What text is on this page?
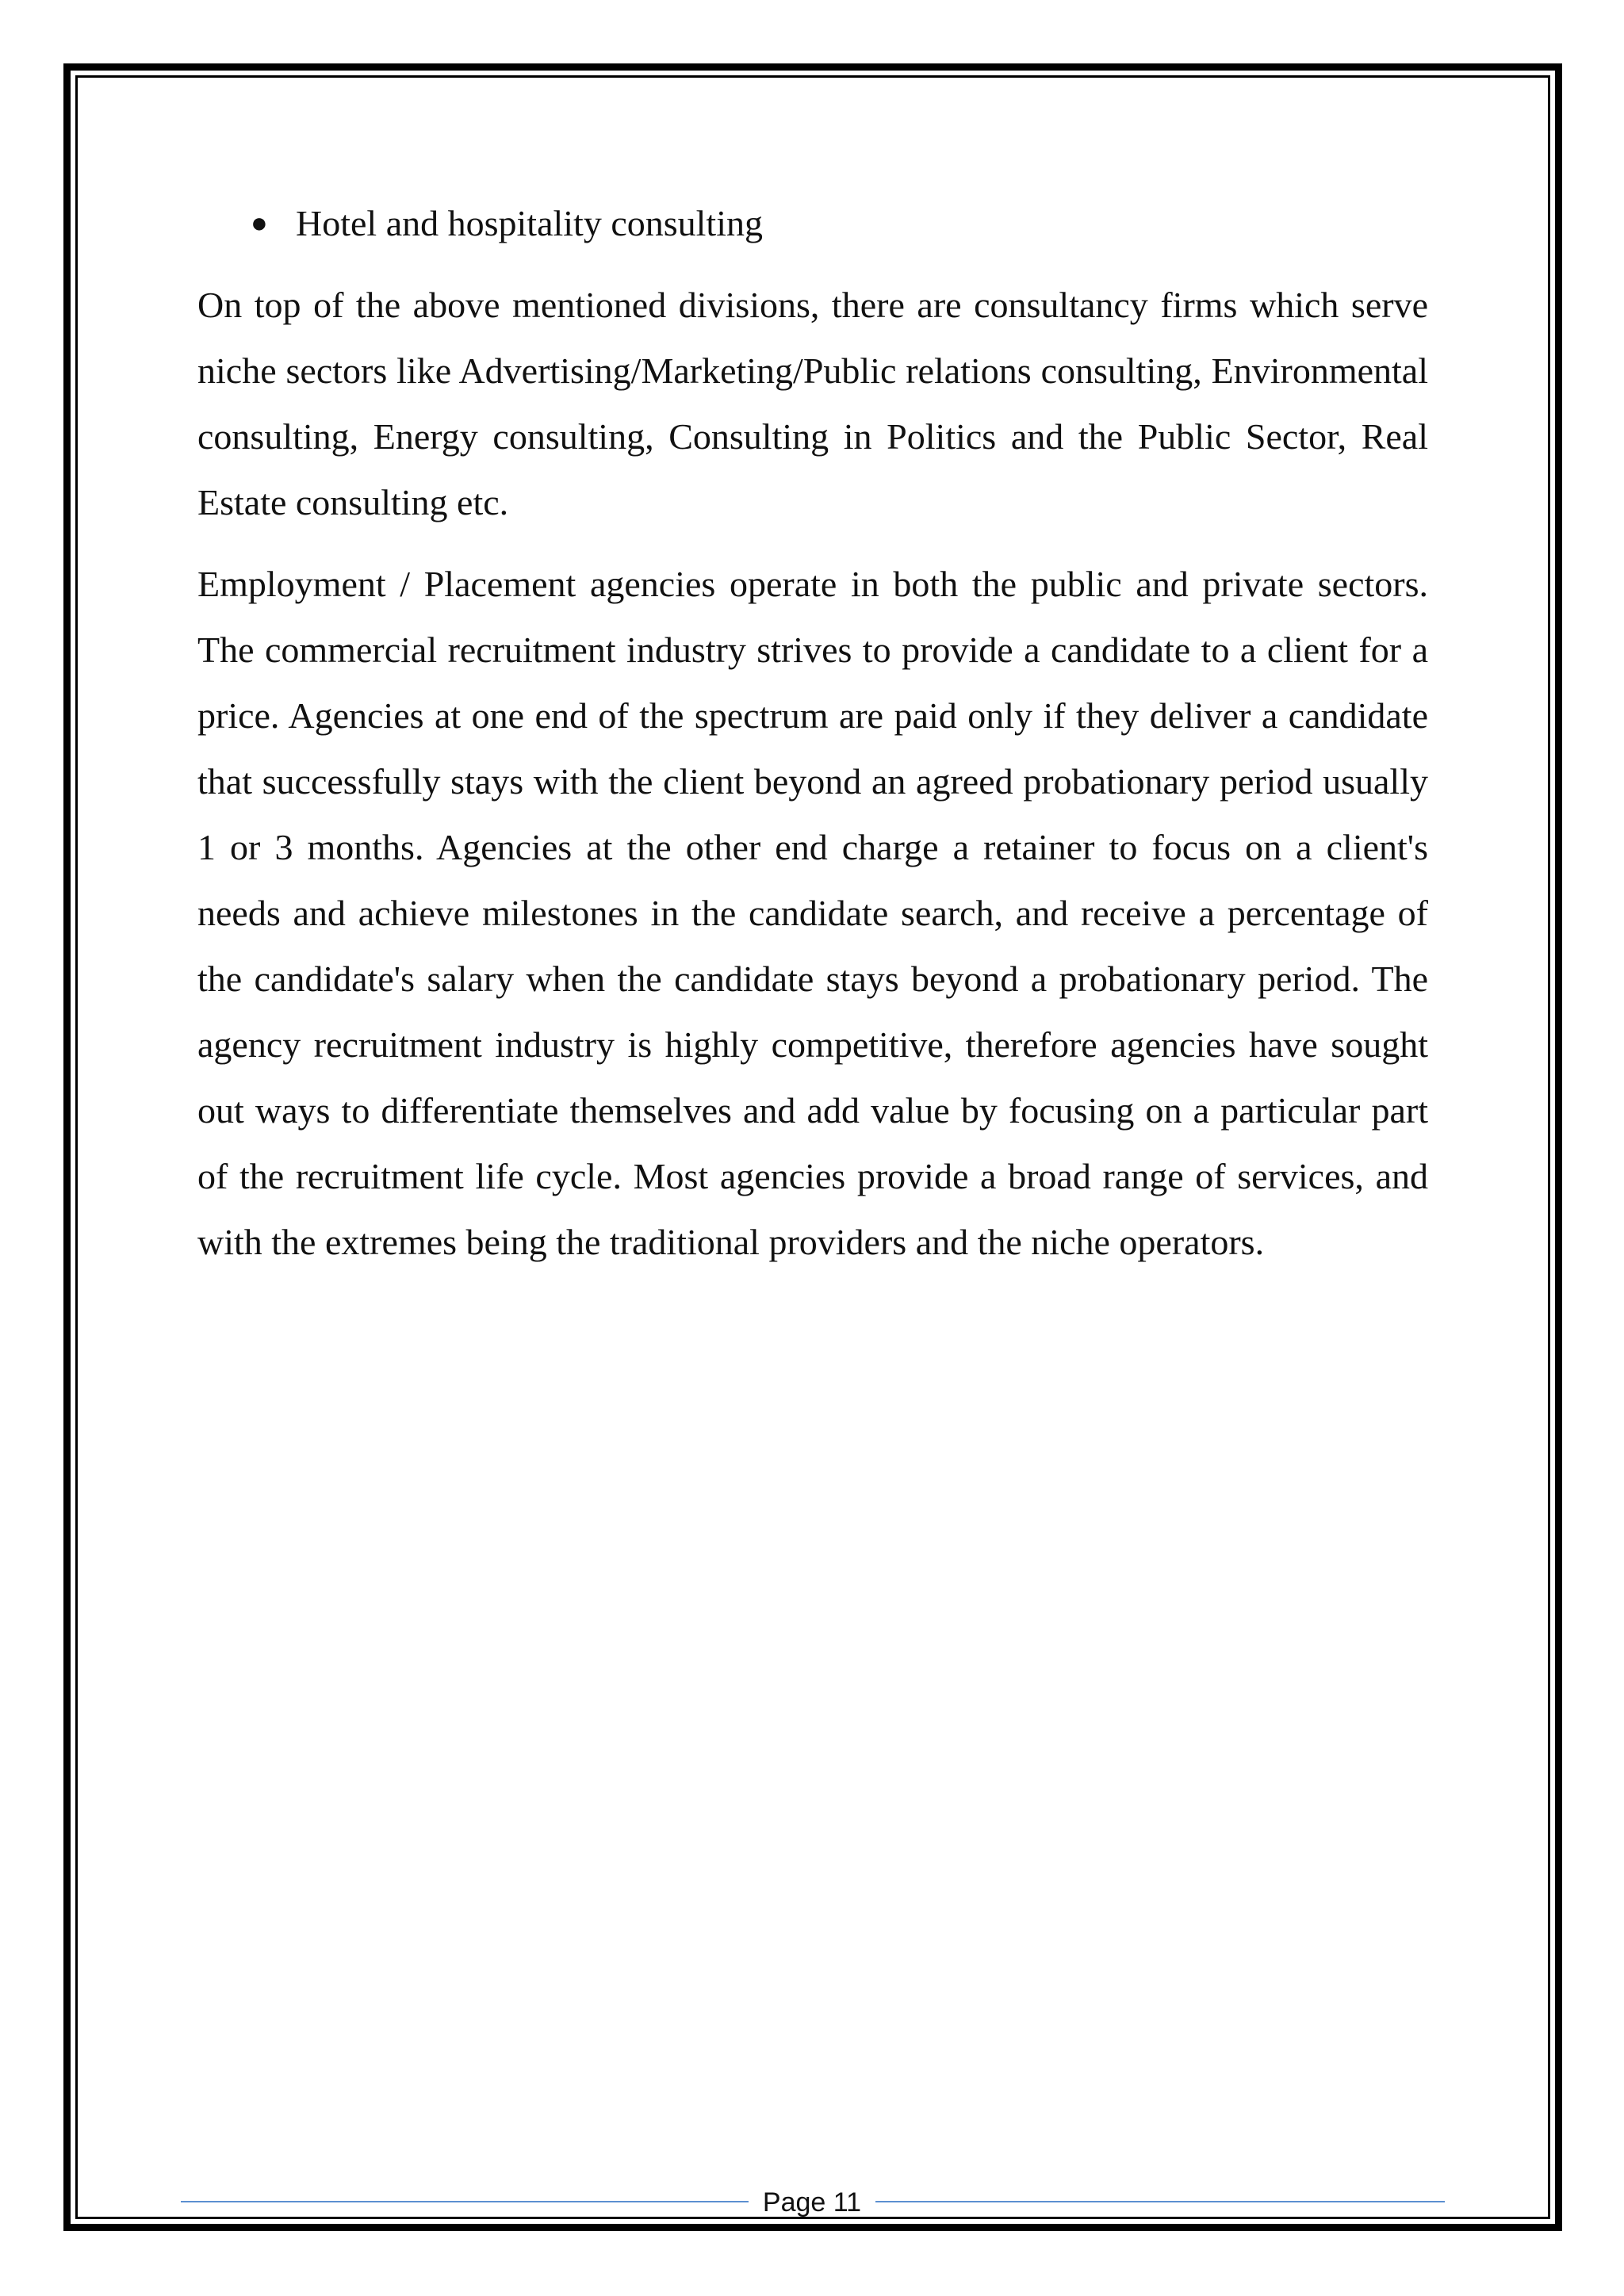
● Hotel and hospitality consulting

On top of the above mentioned divisions, there are consultancy firms which serve niche sectors like Advertising/Marketing/Public relations consulting, Environmental consulting, Energy consulting, Consulting in Politics and the Public Sector, Real Estate consulting etc.

Employment / Placement agencies operate in both the public and private sectors. The commercial recruitment industry strives to provide a candidate to a client for a price. Agencies at one end of the spectrum are paid only if they deliver a candidate that successfully stays with the client beyond an agreed probationary period usually 1 or 3 months. Agencies at the other end charge a retainer to focus on a client's needs and achieve milestones in the candidate search, and receive a percentage of the candidate's salary when the candidate stays beyond a probationary period. The agency recruitment industry is highly competitive, therefore agencies have sought out ways to differentiate themselves and add value by focusing on a particular part of the recruitment life cycle. Most agencies provide a broad range of services, and with the extremes being the traditional providers and the niche operators.

Page 11
